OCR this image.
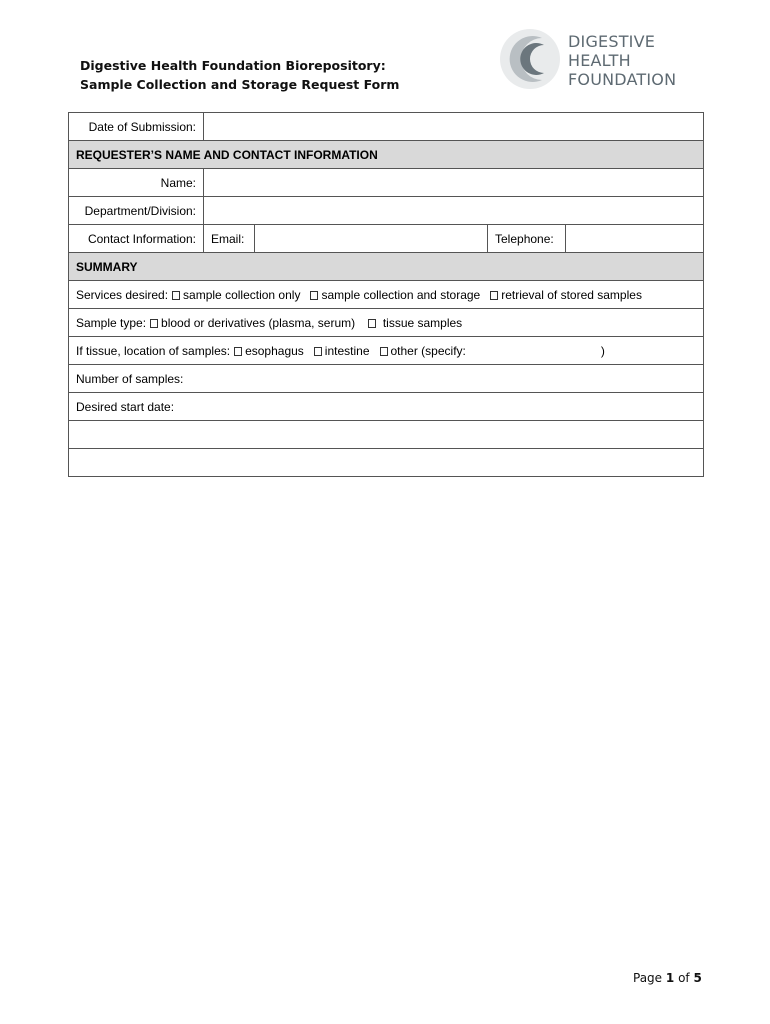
Digestive Health Foundation Biorepository:
Sample Collection and Storage Request Form
DIGESTIVE
HEALTH
FOUNDATION
Date of Submission:				
REQUESTER’S NAME AND CONTACT INFORMATION				
Name:				
Department/Division:				
Contact Information:	Email:		Telephone:	
SUMMARY				
Services desired: sample collection only sample collection and storage retrieval of stored samples				
Sample type: blood or derivatives (plasma, serum) tissue samples				
If tissue, location of samples: esophagus intestine other (specify: )				
Number of samples:				
Desired start date:				

Page 1 of 5
